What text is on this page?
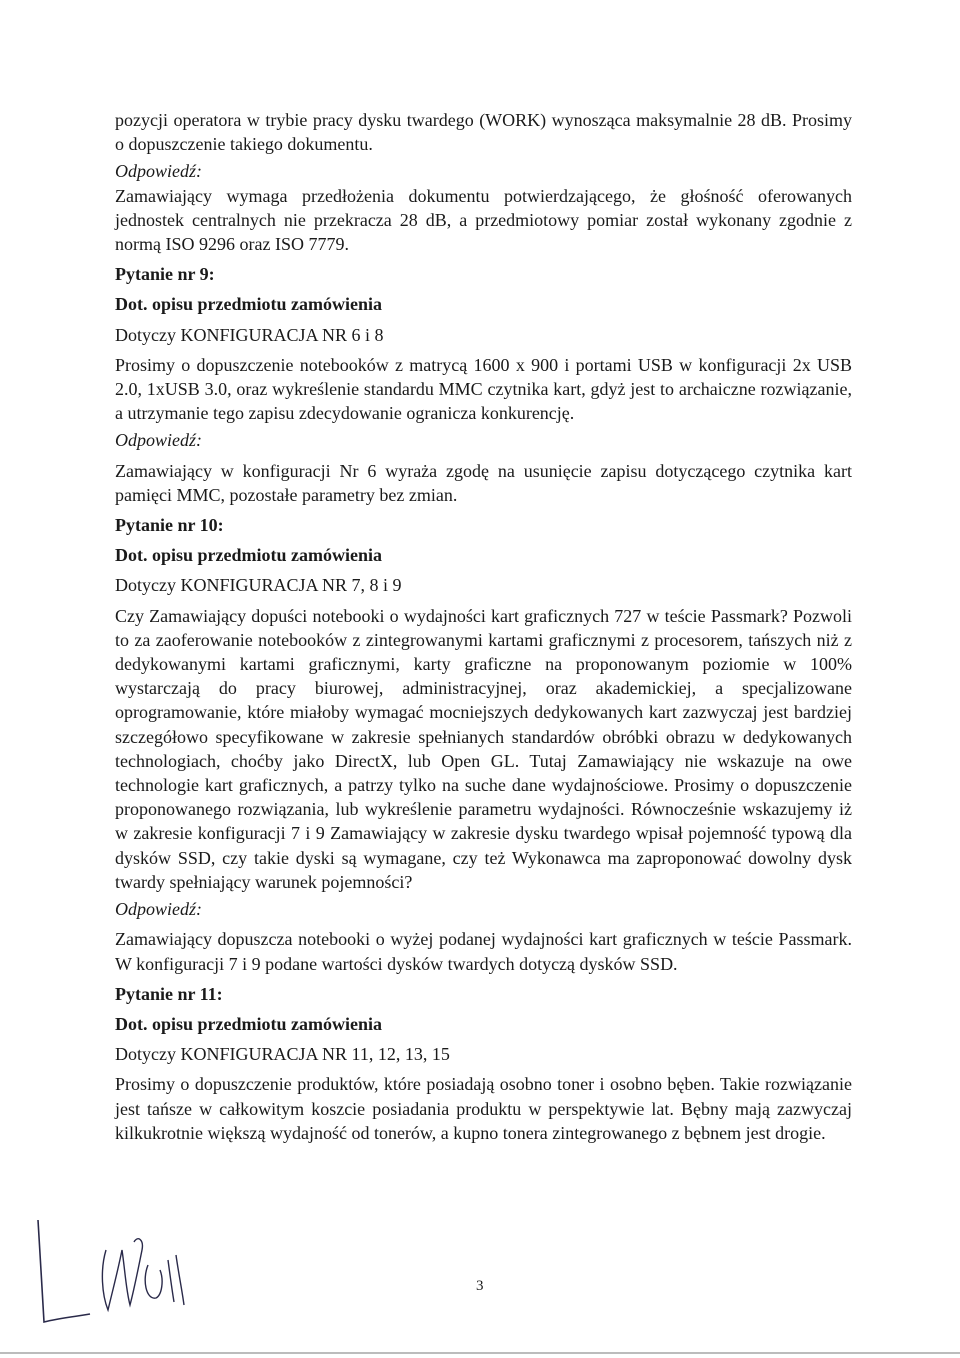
pozycji operatora w trybie pracy dysku twardego (WORK) wynosząca maksymalnie 28 dB. Prosimy o dopuszczenie takiego dokumentu.

Odpowiedź:

Zamawiający wymaga przedłożenia dokumentu potwierdzającego, że głośność oferowanych jednostek centralnych nie przekracza 28 dB, a przedmiotowy pomiar został wykonany zgodnie z normą ISO 9296 oraz ISO 7779.

Pytanie nr 9:

Dot. opisu przedmiotu zamówienia

Dotyczy KONFIGURACJA NR 6 i 8

Prosimy o dopuszczenie notebooków z matrycą 1600 x 900 i portami USB w konfiguracji 2x USB 2.0, 1xUSB 3.0, oraz wykreślenie standardu MMC czytnika kart, gdyż jest to archaiczne rozwiązanie, a utrzymanie tego zapisu zdecydowanie ogranicza konkurencję.

Odpowiedź:

Zamawiający w konfiguracji Nr 6 wyraża zgodę na usunięcie zapisu dotyczącego czytnika kart pamięci MMC, pozostałe parametry bez zmian.

Pytanie nr 10:

Dot. opisu przedmiotu zamówienia

Dotyczy KONFIGURACJA NR 7, 8 i 9

Czy Zamawiający dopuści notebooki o wydajności kart graficznych 727 w teście Passmark? Pozwoli to za zaoferowanie notebooków z zintegrowanymi kartami graficznymi z procesorem, tańszych niż z dedykowanymi kartami graficznymi, karty graficzne na proponowanym poziomie w 100% wystarczają do pracy biurowej, administracyjnej, oraz akademickiej, a specjalizowane oprogramowanie, które miałoby wymagać mocniejszych dedykowanych kart zazwyczaj jest bardziej szczegółowo specyfikowane w zakresie spełnianych standardów obróbki obrazu w dedykowanych technologiach, choćby jako DirectX, lub Open GL. Tutaj Zamawiający nie wskazuje na owe technologie kart graficznych, a patrzy tylko na suche dane wydajnościowe. Prosimy o dopuszczenie proponowanego rozwiązania, lub wykreślenie parametru wydajności. Równocześnie wskazujemy iż w zakresie konfiguracji 7 i 9 Zamawiający w zakresie dysku twardego wpisał pojemność typową dla dysków SSD, czy takie dyski są wymagane, czy też Wykonawca ma zaproponować dowolny dysk twardy spełniający warunek pojemności?

Odpowiedź:

Zamawiający dopuszcza notebooki o wyżej podanej wydajności kart graficznych w teście Passmark. W konfiguracji 7 i 9 podane wartości dysków twardych dotyczą dysków SSD.

Pytanie nr 11:

Dot. opisu przedmiotu zamówienia

Dotyczy KONFIGURACJA NR 11, 12, 13, 15

Prosimy o dopuszczenie produktów, które posiadają osobno toner i osobno bęben. Takie rozwiązanie jest tańsze w całkowitym koszcie posiadania produktu w perspektywie lat. Bębny mają zazwyczaj kilkukrotnie większą wydajność od tonerów, a kupno tonera zintegrowanego z bębnem jest drogie.

3
